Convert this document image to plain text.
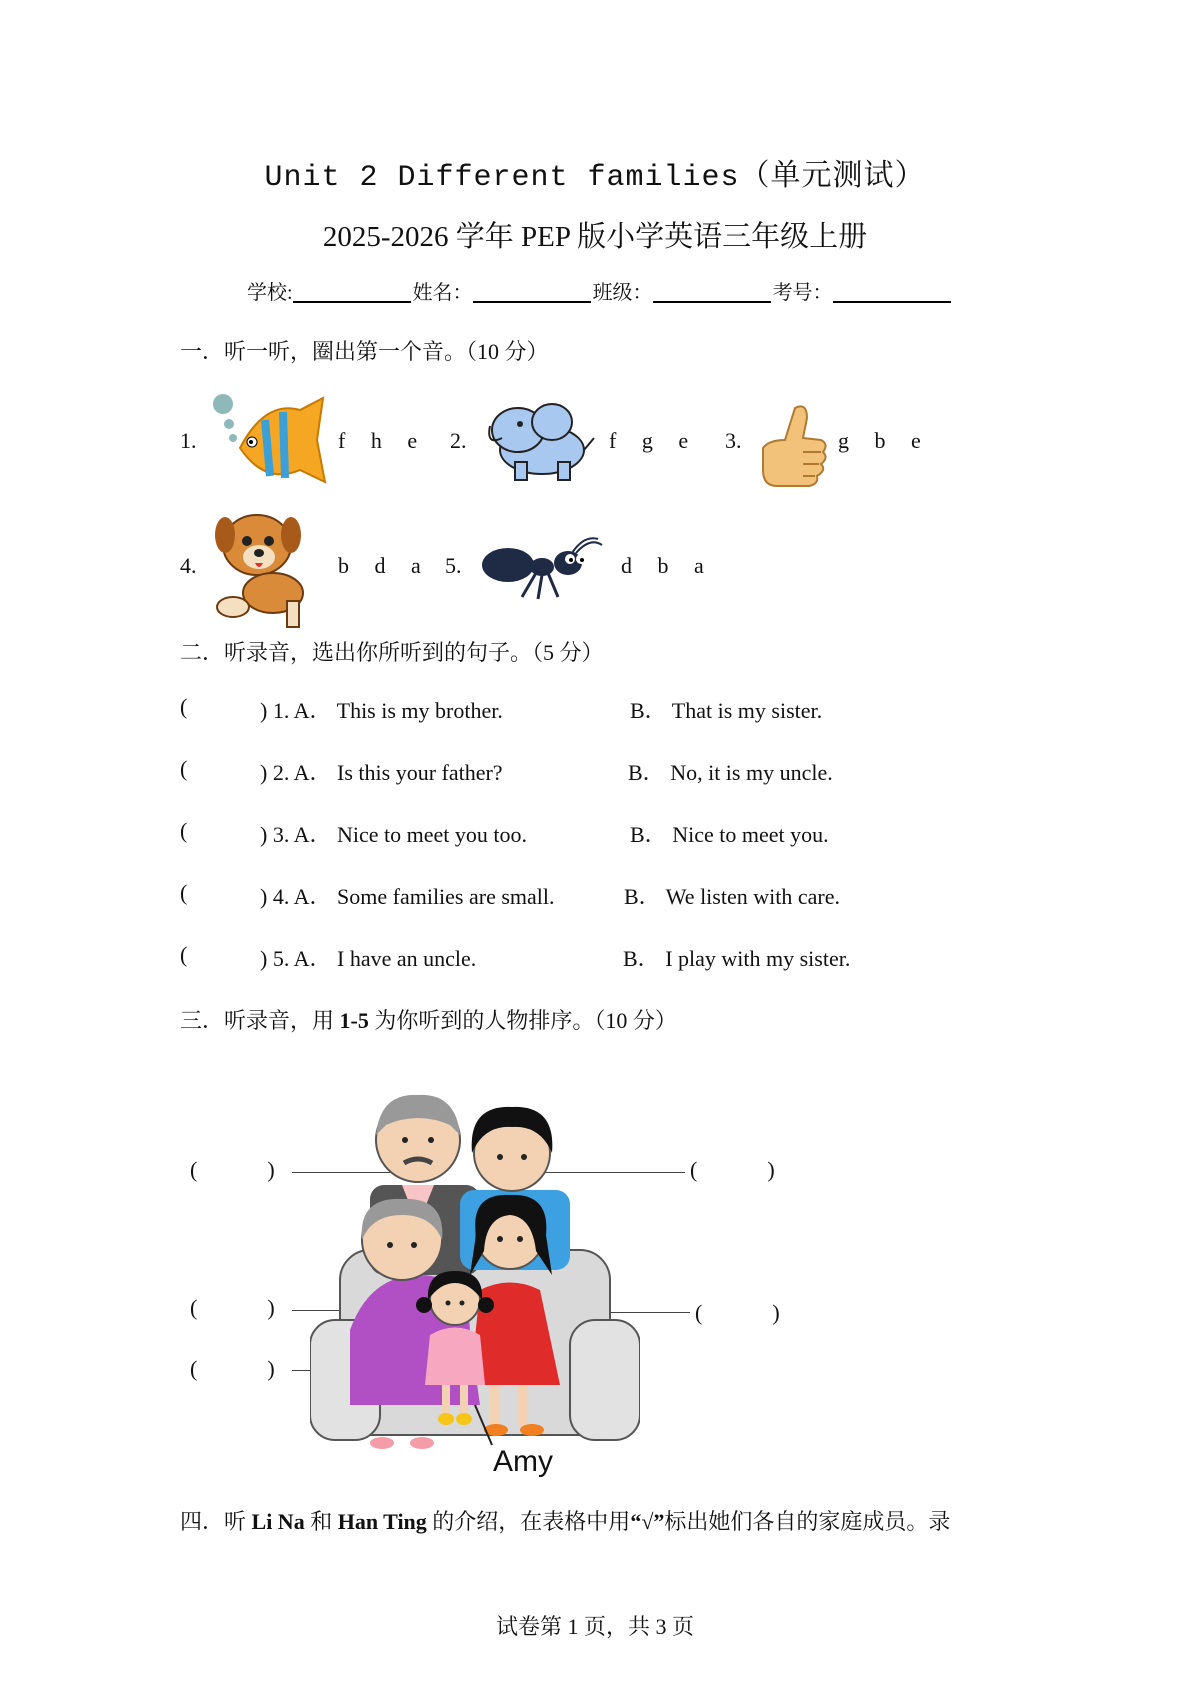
Unit 2 Different families（单元测试）
2025-2026 学年 PEP 版小学英语三年级上册
学校:	姓名：	班级：	考号：
一．听一听，圈出第一个音。（10 分）
1.	f h e 2.	f g e 3.	g b e
4.	b d a 5.	d b a
二．听录音，选出你所听到的句子。（5 分）
(	) 1. A． This is my brother.	B． That is my sister.
(	) 2. A． Is this your father?	B． No, it is my uncle.
(	) 3. A． Nice to meet you too.	B． Nice to meet you.
(	) 4. A． Some families are small.	B． We listen with care.
(	) 5. A． I have an uncle.	B． I play with my sister.
三．听录音，用 1-5 为你听到的人物排序。（10 分）
(	)
(	)
(	)
(	)
(	)
Amy
四．听 Li Na 和 Han Ting 的介绍，在表格中用“√”标出她们各自的家庭成员。录
试卷第 1 页，共 3 页
